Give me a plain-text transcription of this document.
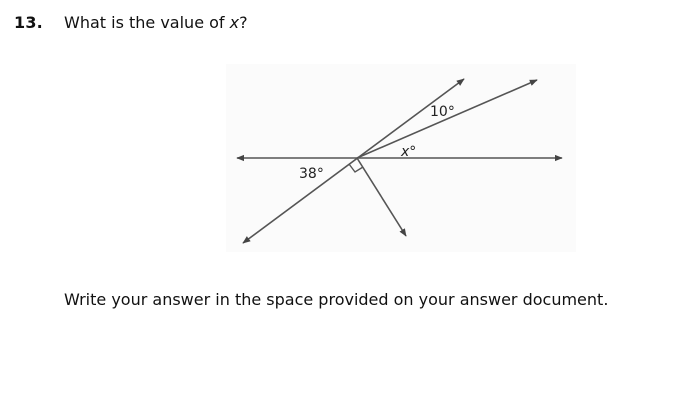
13. What is the value of x?
10°
x°
38°
Write your answer in the space provided on your answer document.
